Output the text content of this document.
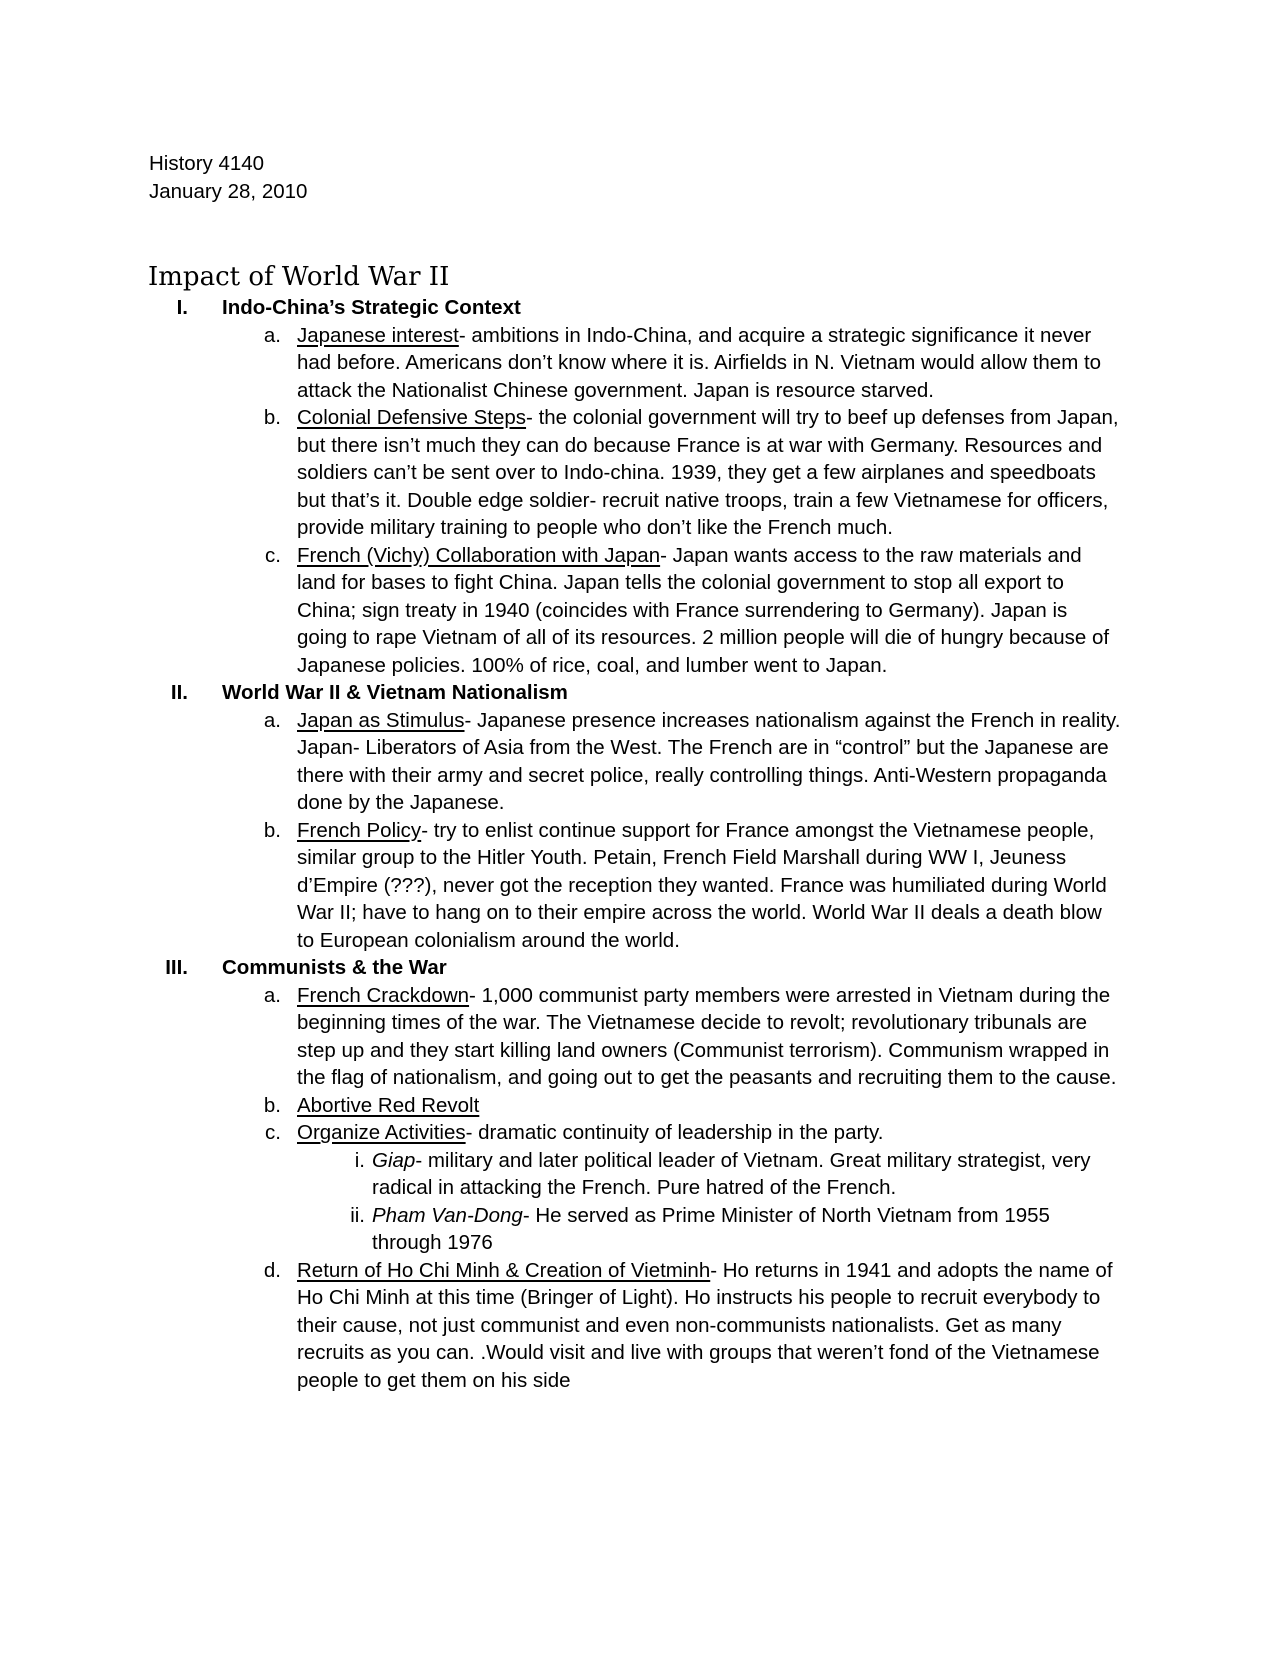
History 4140
January 28, 2010
Impact of World War II
I. Indo-China’s Strategic Context
a. Japanese interest- ambitions in Indo-China, and acquire a strategic significance it never had before. Americans don’t know where it is. Airfields in N. Vietnam would allow them to attack the Nationalist Chinese government. Japan is resource starved.
b. Colonial Defensive Steps- the colonial government will try to beef up defenses from Japan, but there isn’t much they can do because France is at war with Germany. Resources and soldiers can’t be sent over to Indo-china. 1939, they get a few airplanes and speedboats but that’s it. Double edge soldier- recruit native troops, train a few Vietnamese for officers, provide military training to people who don’t like the French much.
c. French (Vichy) Collaboration with Japan- Japan wants access to the raw materials and land for bases to fight China. Japan tells the colonial government to stop all export to China; sign treaty in 1940 (coincides with France surrendering to Germany). Japan is going to rape Vietnam of all of its resources. 2 million people will die of hungry because of Japanese policies. 100% of rice, coal, and lumber went to Japan.
II. World War II & Vietnam Nationalism
a. Japan as Stimulus- Japanese presence increases nationalism against the French in reality. Japan- Liberators of Asia from the West. The French are in “control” but the Japanese are there with their army and secret police, really controlling things. Anti-Western propaganda done by the Japanese.
b. French Policy- try to enlist continue support for France amongst the Vietnamese people, similar group to the Hitler Youth. Petain, French Field Marshall during WW I, Jeuness d’Empire (???), never got the reception they wanted. France was humiliated during World War II; have to hang on to their empire across the world. World War II deals a death blow to European colonialism around the world.
III. Communists & the War
a. French Crackdown- 1,000 communist party members were arrested in Vietnam during the beginning times of the war. The Vietnamese decide to revolt; revolutionary tribunals are step up and they start killing land owners (Communist terrorism). Communism wrapped in the flag of nationalism, and going out to get the peasants and recruiting them to the cause.
b. Abortive Red Revolt
c. Organize Activities- dramatic continuity of leadership in the party.
i. Giap- military and later political leader of Vietnam. Great military strategist, very radical in attacking the French. Pure hatred of the French.
ii. Pham Van-Dong- He served as Prime Minister of North Vietnam from 1955 through 1976
d. Return of Ho Chi Minh & Creation of Vietminh- Ho returns in 1941 and adopts the name of Ho Chi Minh at this time (Bringer of Light). Ho instructs his people to recruit everybody to their cause, not just communist and even non-communists nationalists. Get as many recruits as you can. .Would visit and live with groups that weren’t fond of the Vietnamese people to get them on his side
